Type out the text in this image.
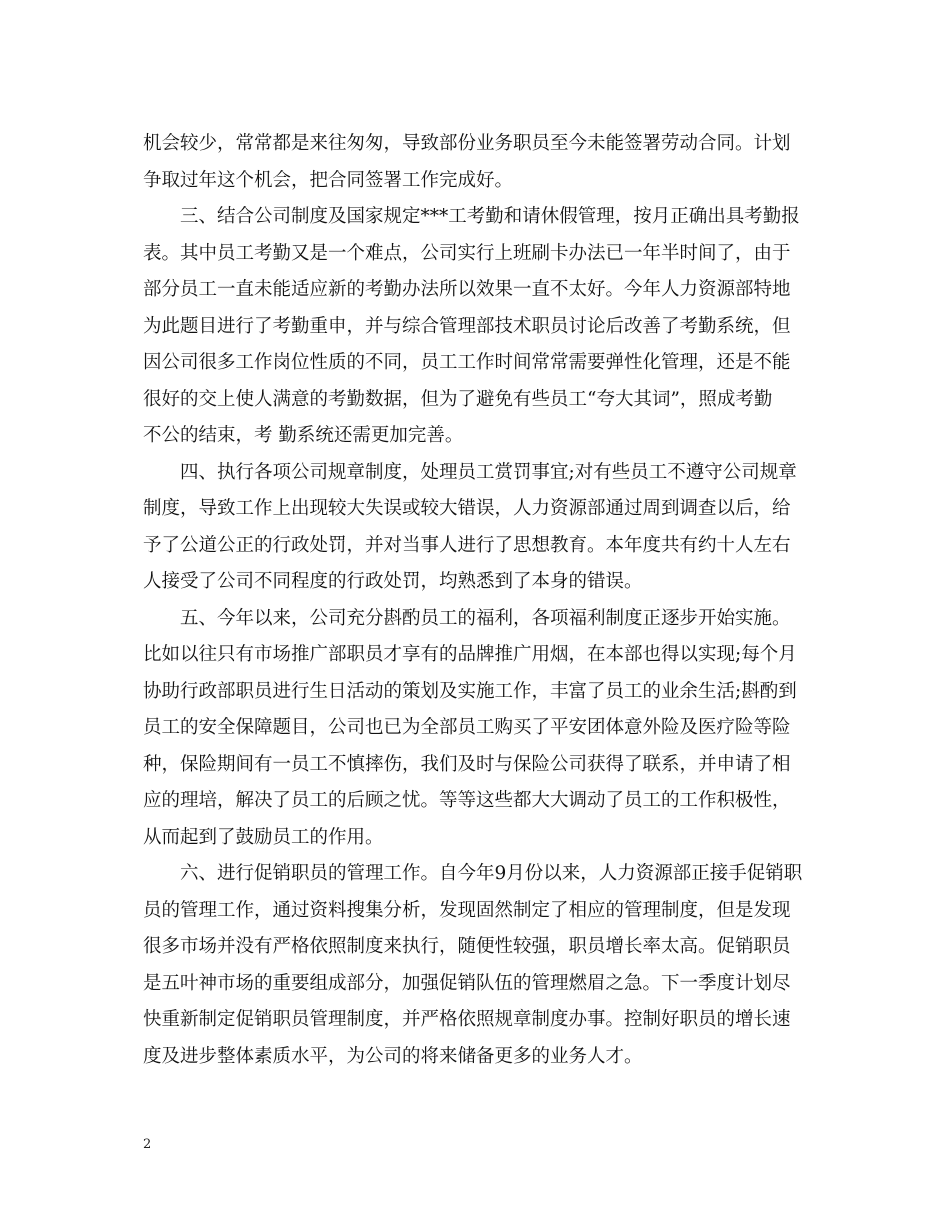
机会较少，常常都是来往匆匆，导致部份业务职员至今未能签署劳动合同。计划
争取过年这个机会，把合同签署工作完成好。
三、结合公司制度及国家规定***工考勤和请休假管理，按月正确出具考勤报
表。其中员工考勤又是一个难点，公司实行上班刷卡办法已一年半时间了，由于
部分员工一直未能适应新的考勤办法所以效果一直不太好。今年人力资源部特地
为此题目进行了考勤重申，并与综合管理部技术职员讨论后改善了考勤系统，但
因公司很多工作岗位性质的不同，员工工作时间常常需要弹性化管理，还是不能
很好的交上使人满意的考勤数据，但为了避免有些员工“夸大其词”，照成考勤
不公的结束，考 勤系统还需更加完善。
四、执行各项公司规章制度，处理员工赏罚事宜;对有些员工不遵守公司规章
制度，导致工作上出现较大失误或较大错误，人力资源部通过周到调查以后，给
予了公道公正的行政处罚，并对当事人进行了思想教育。本年度共有约十人左右
人接受了公司不同程度的行政处罚，均熟悉到了本身的错误。
五、今年以来，公司充分斟酌员工的福利，各项福利制度正逐步开始实施。
比如以往只有市场推广部职员才享有的品牌推广用烟，在本部也得以实现;每个月
协助行政部职员进行生日活动的策划及实施工作，丰富了员工的业余生活;斟酌到
员工的安全保障题目，公司也已为全部员工购买了平安团体意外险及医疗险等险
种，保险期间有一员工不慎摔伤，我们及时与保险公司获得了联系，并申请了相
应的理培，解决了员工的后顾之忧。等等这些都大大调动了员工的工作积极性，
从而起到了鼓励员工的作用。
六、进行促销职员的管理工作。自今年9月份以来，人力资源部正接手促销职
员的管理工作，通过资料搜集分析，发现固然制定了相应的管理制度，但是发现
很多市场并没有严格依照制度来执行，随便性较强，职员增长率太高。促销职员
是五叶神市场的重要组成部分，加强促销队伍的管理燃眉之急。下一季度计划尽
快重新制定促销职员管理制度，并严格依照规章制度办事。控制好职员的增长速
度及进步整体素质水平，为公司的将来储备更多的业务人才。
2
